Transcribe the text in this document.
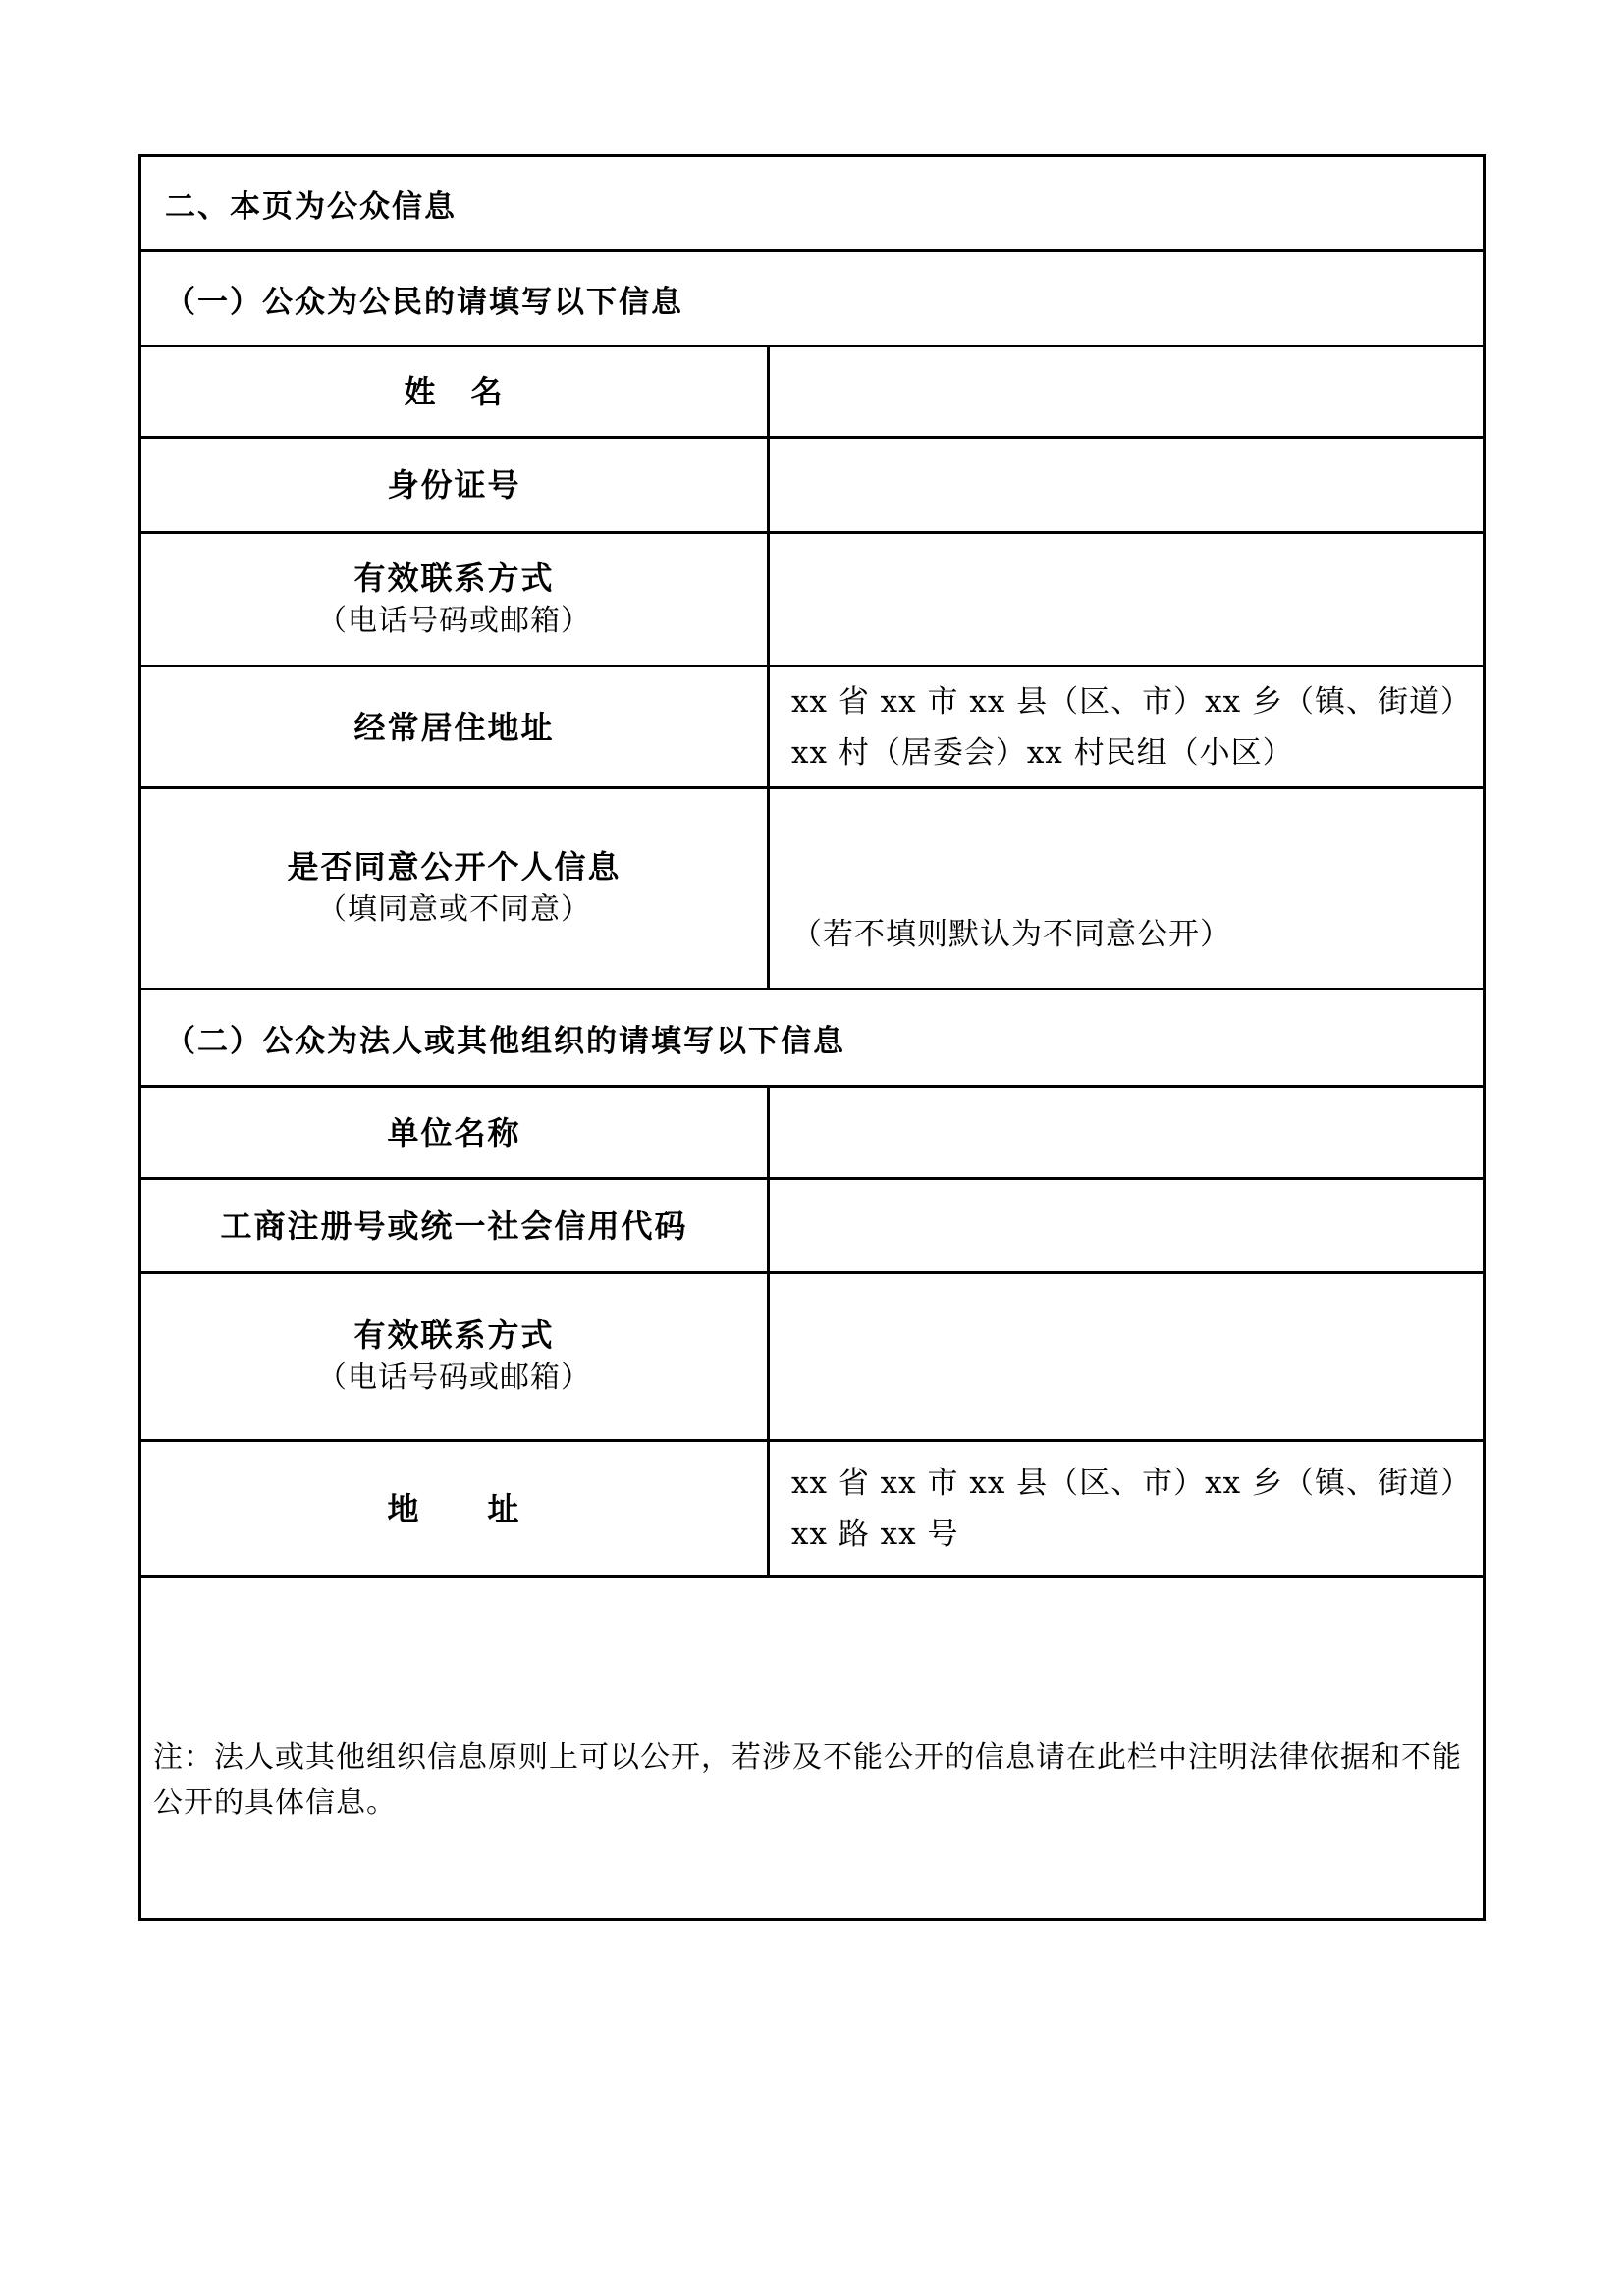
二、本页为公众信息
（一）公众为公民的请填写以下信息
姓　名
身份证号
有效联系方式
（电话号码或邮箱）
经常居住地址
xx 省 xx 市 xx 县（区、市）xx 乡（镇、街道）xx 村（居委会）xx 村民组（小区）
是否同意公开个人信息
（填同意或不同意）
（若不填则默认为不同意公开）
（二）公众为法人或其他组织的请填写以下信息
单位名称
工商注册号或统一社会信用代码
有效联系方式
（电话号码或邮箱）
地　　址
xx 省 xx 市 xx 县（区、市）xx 乡（镇、街道）xx 路 xx 号
注：法人或其他组织信息原则上可以公开，若涉及不能公开的信息请在此栏中注明法律依据和不能公开的具体信息。
